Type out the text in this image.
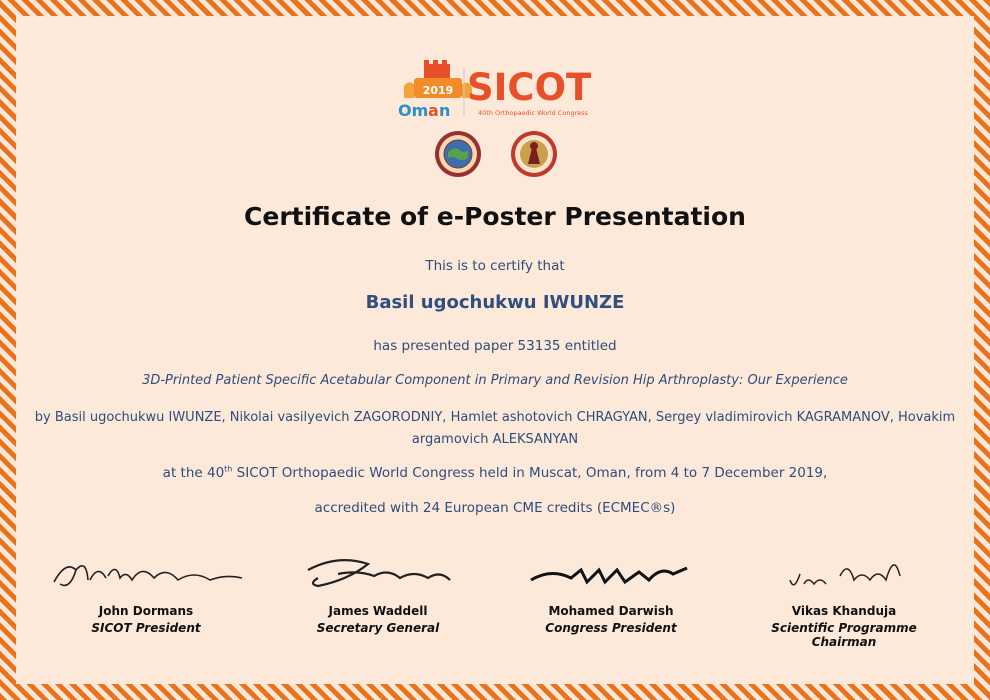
2019
Om a n
SICOT
40th Orthopaedic World Congress
Certificate of e-Poster Presentation
This is to certify that
Basil ugochukwu IWUNZE
has presented paper 53135 entitled
3D-Printed Patient Specific Acetabular Component in Primary and Revision Hip Arthroplasty: Our Experience
by Basil ugochukwu IWUNZE, Nikolai vasilyevich ZAGORODNIY, Hamlet ashotovich CHRAGYAN, Sergey vladimirovich KAGRAMANOV, Hovakim argamovich ALEKSANYAN
at the 40th SICOT Orthopaedic World Congress held in Muscat, Oman, from 4 to 7 December 2019,
accredited with 24 European CME credits (ECMEC®s)
John Dormans
SICOT President
James Waddell
Secretary General
Mohamed Darwish
Congress President
Vikas Khanduja
Scientific Programme Chairman
